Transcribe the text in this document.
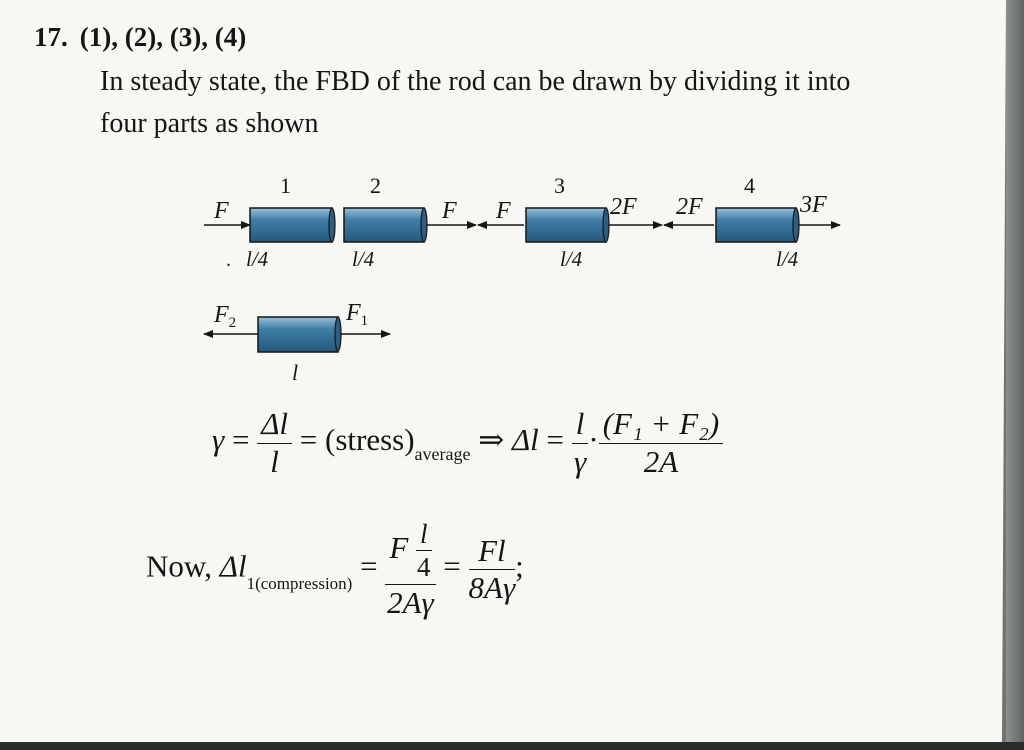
17. (1), (2), (3), (4)
In steady state, the FBD of the rod can be drawn by dividing it into
four parts as shown
F
1
. l/4
F
2
l/4
F	2F
3
l/4
2F	3F
4
l/4
$F_2$	$F_1$
l
$\gamma = \frac{\Delta l}{l}$ = $(stress)_{average}$ ⇒ $\Delta l = \frac{l}{\gamma} \cdot \frac{\text{(F₁ + F₂)}}{2A}$
Now, $\Delta l_{1(compression)} = \frac{F \frac{l}{4}}{2A\gamma} = \frac{Fl}{8A\gamma}$ ;
